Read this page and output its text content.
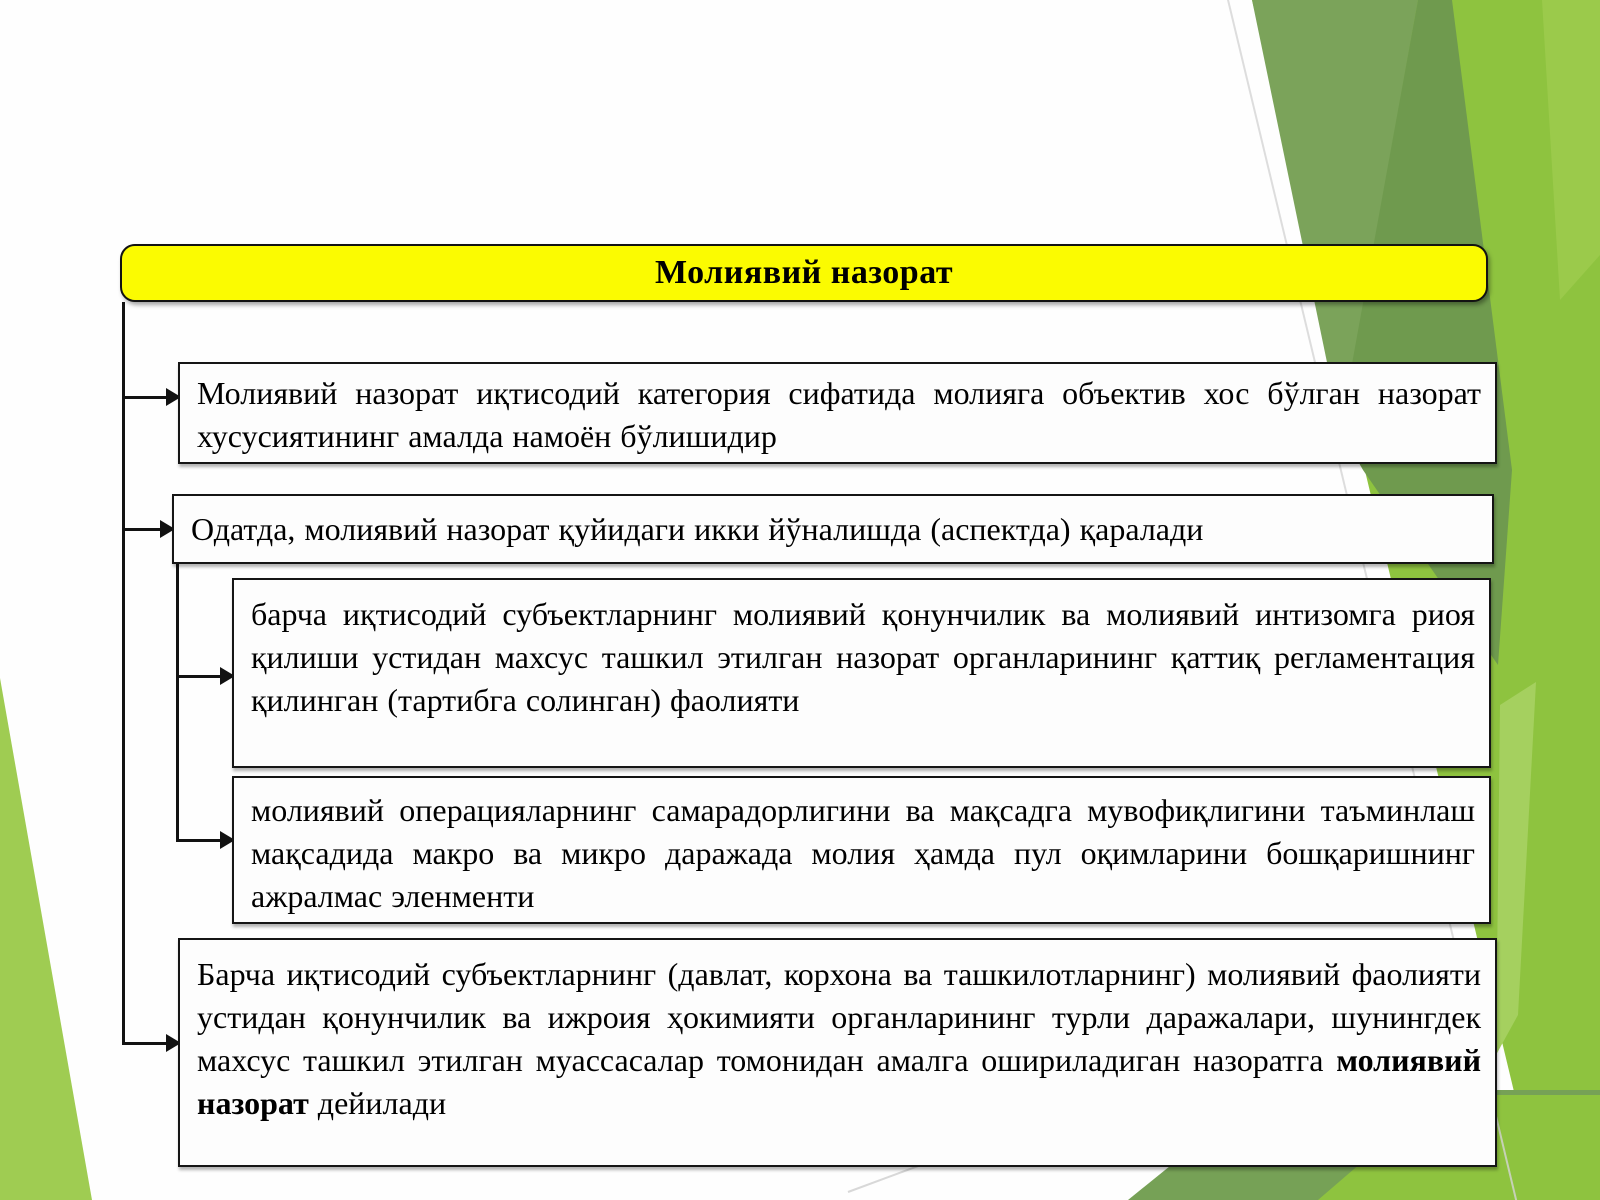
Молиявий назорат

Молиявий назорат иқтисодий категория сифатида молияга объектив хос бўлган назорат хусусиятининг амалда намоён бўлишидир

Одатда, молиявий назорат қуйидаги икки йўналишда (аспектда) қаралади

барча иқтисодий субъектларнинг молиявий қонунчилик ва молиявий интизомга риоя қилиши устидан махсус ташкил этилган назорат органларининг қаттиқ регламентация қилинган (тартибга солинган) фаолияти

молиявий операцияларнинг самарадорлигини ва мақсадга мувофиқлигини таъминлаш мақсадида макро ва микро даражада молия ҳамда пул оқимларини бошқаришнинг ажралмас эленменти

Барча иқтисодий субъектларнинг (давлат, корхона ва ташкилотларнинг) молиявий фаолияти устидан қонунчилик ва ижроия ҳокимияти органларининг турли даражалари, шунингдек махсус ташкил этилган муассасалар томонидан амалга ошириладиган назоратга молиявий назорат дейилади
